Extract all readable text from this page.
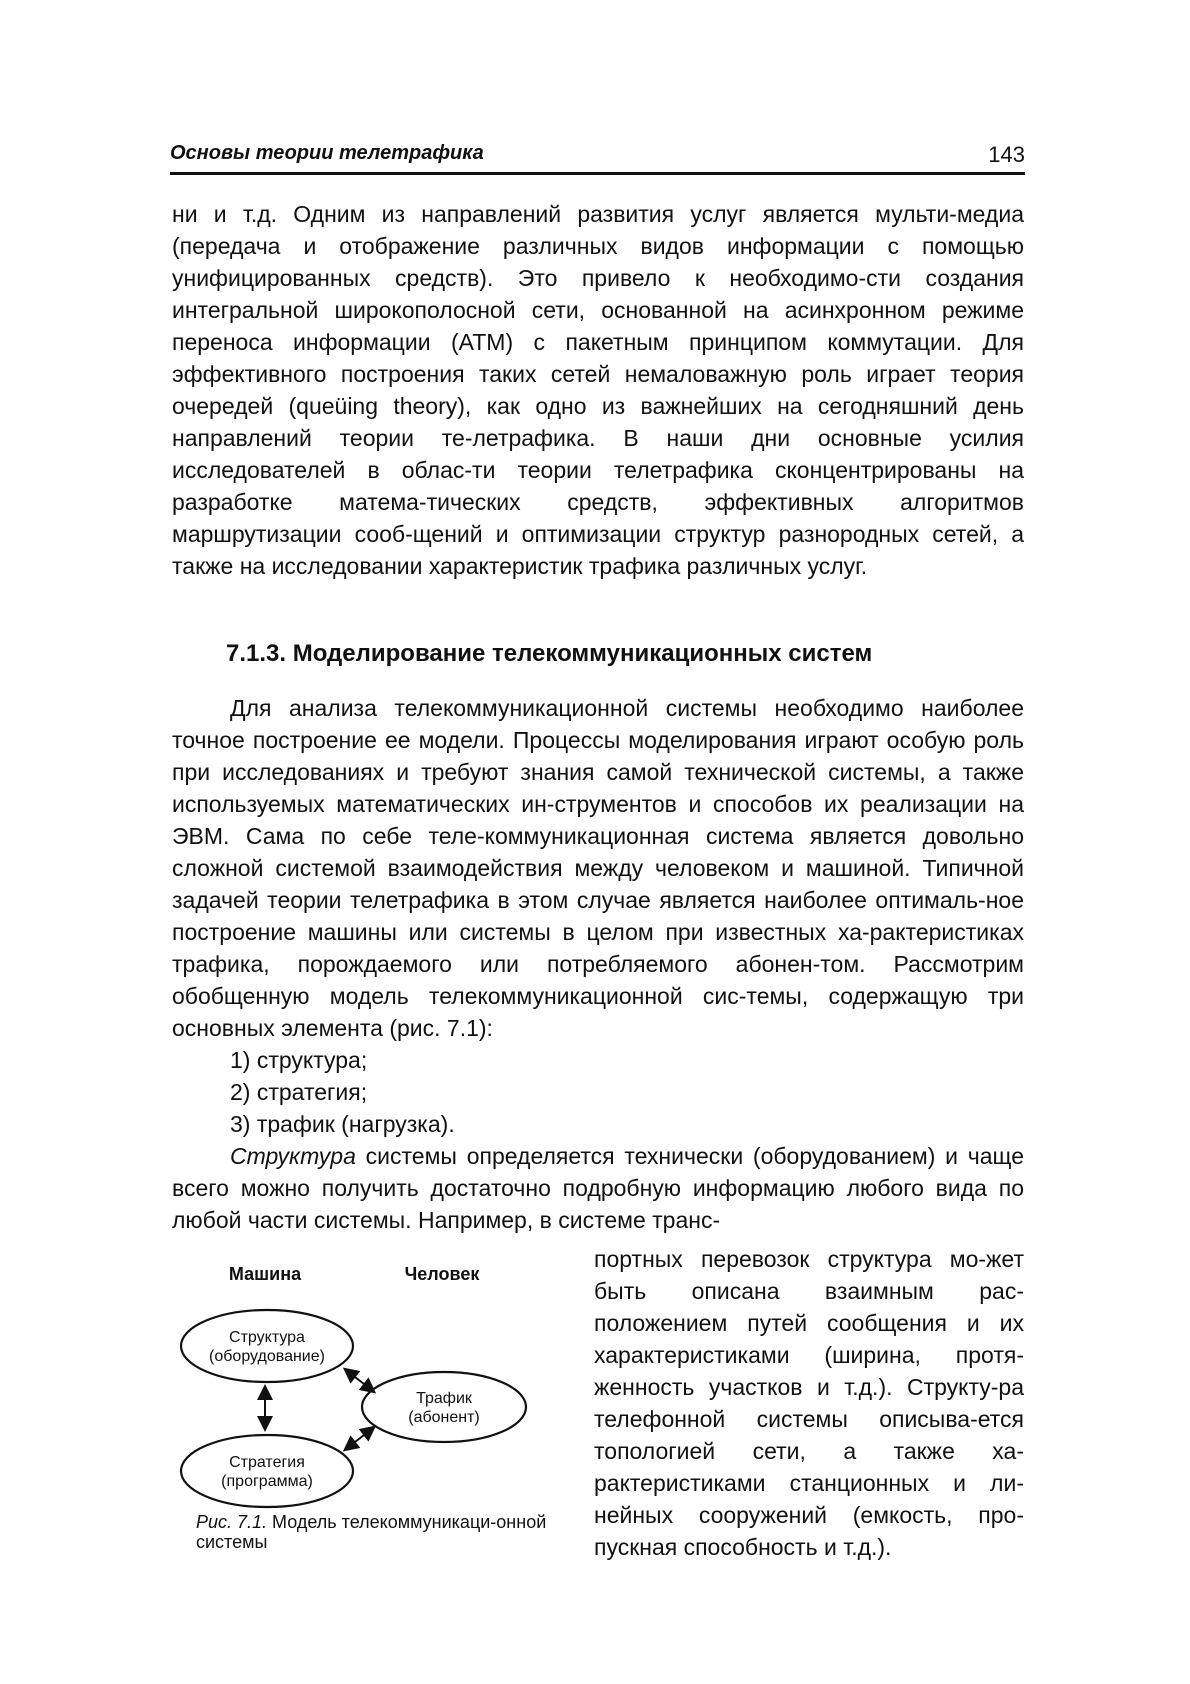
Основы теории телетрафика	143

ни и т.д. Одним из направлений развития услуг является мульти-медиа (передача и отображение различных видов информации с помощью унифицированных средств). Это привело к необходимо-сти создания интегральной широкополосной сети, основанной на асинхронном режиме переноса информации (ATM) с пакетным принципом коммутации. Для эффективного построения таких сетей немаловажную роль играет теория очередей (queüing theory), как одно из важнейших на сегодняшний день направлений теории те-летрафика. В наши дни основные усилия исследователей в облас-ти теории телетрафика сконцентрированы на разработке матема-тических средств, эффективных алгоритмов маршрутизации сооб-щений и оптимизации структур разнородных сетей, а также на исследовании характеристик трафика различных услуг.

7.1.3. Моделирование телекоммуникационных систем

Для анализа телекоммуникационной системы необходимо наиболее точное построение ее модели. Процессы моделирования играют особую роль при исследованиях и требуют знания самой технической системы, а также используемых математических ин-струментов и способов их реализации на ЭВМ. Сама по себе теле-коммуникационная система является довольно сложной системой взаимодействия между человеком и машиной. Типичной задачей теории телетрафика в этом случае является наиболее оптималь-ное построение машины или системы в целом при известных ха-рактеристиках трафика, порождаемого или потребляемого абонен-том. Рассмотрим обобщенную модель телекоммуникационной сис-темы, содержащую три основных элемента (рис. 7.1):

1) структура;
2) стратегия;
3) трафик (нагрузка).

Структура системы определяется технически (оборудованием) и чаще всего можно получить достаточно подробную информацию любого вида по любой части системы. Например, в системе транс-

портных перевозок структура мо-жет быть описана взаимным рас-положением путей сообщения и их характеристиками (ширина, протя-женность участков и т.д.). Структу-ра телефонной системы описыва-ется топологией сети, а также ха-рактеристиками станционных и ли-нейных сооружений (емкость, про-пускная способность и т.д.).

Машина	Человек
Структура
(оборудование)
Стратегия
(программа)
Трафик
(абонент)
Рис. 7.1. Модель телекоммуникаци-онной системы
